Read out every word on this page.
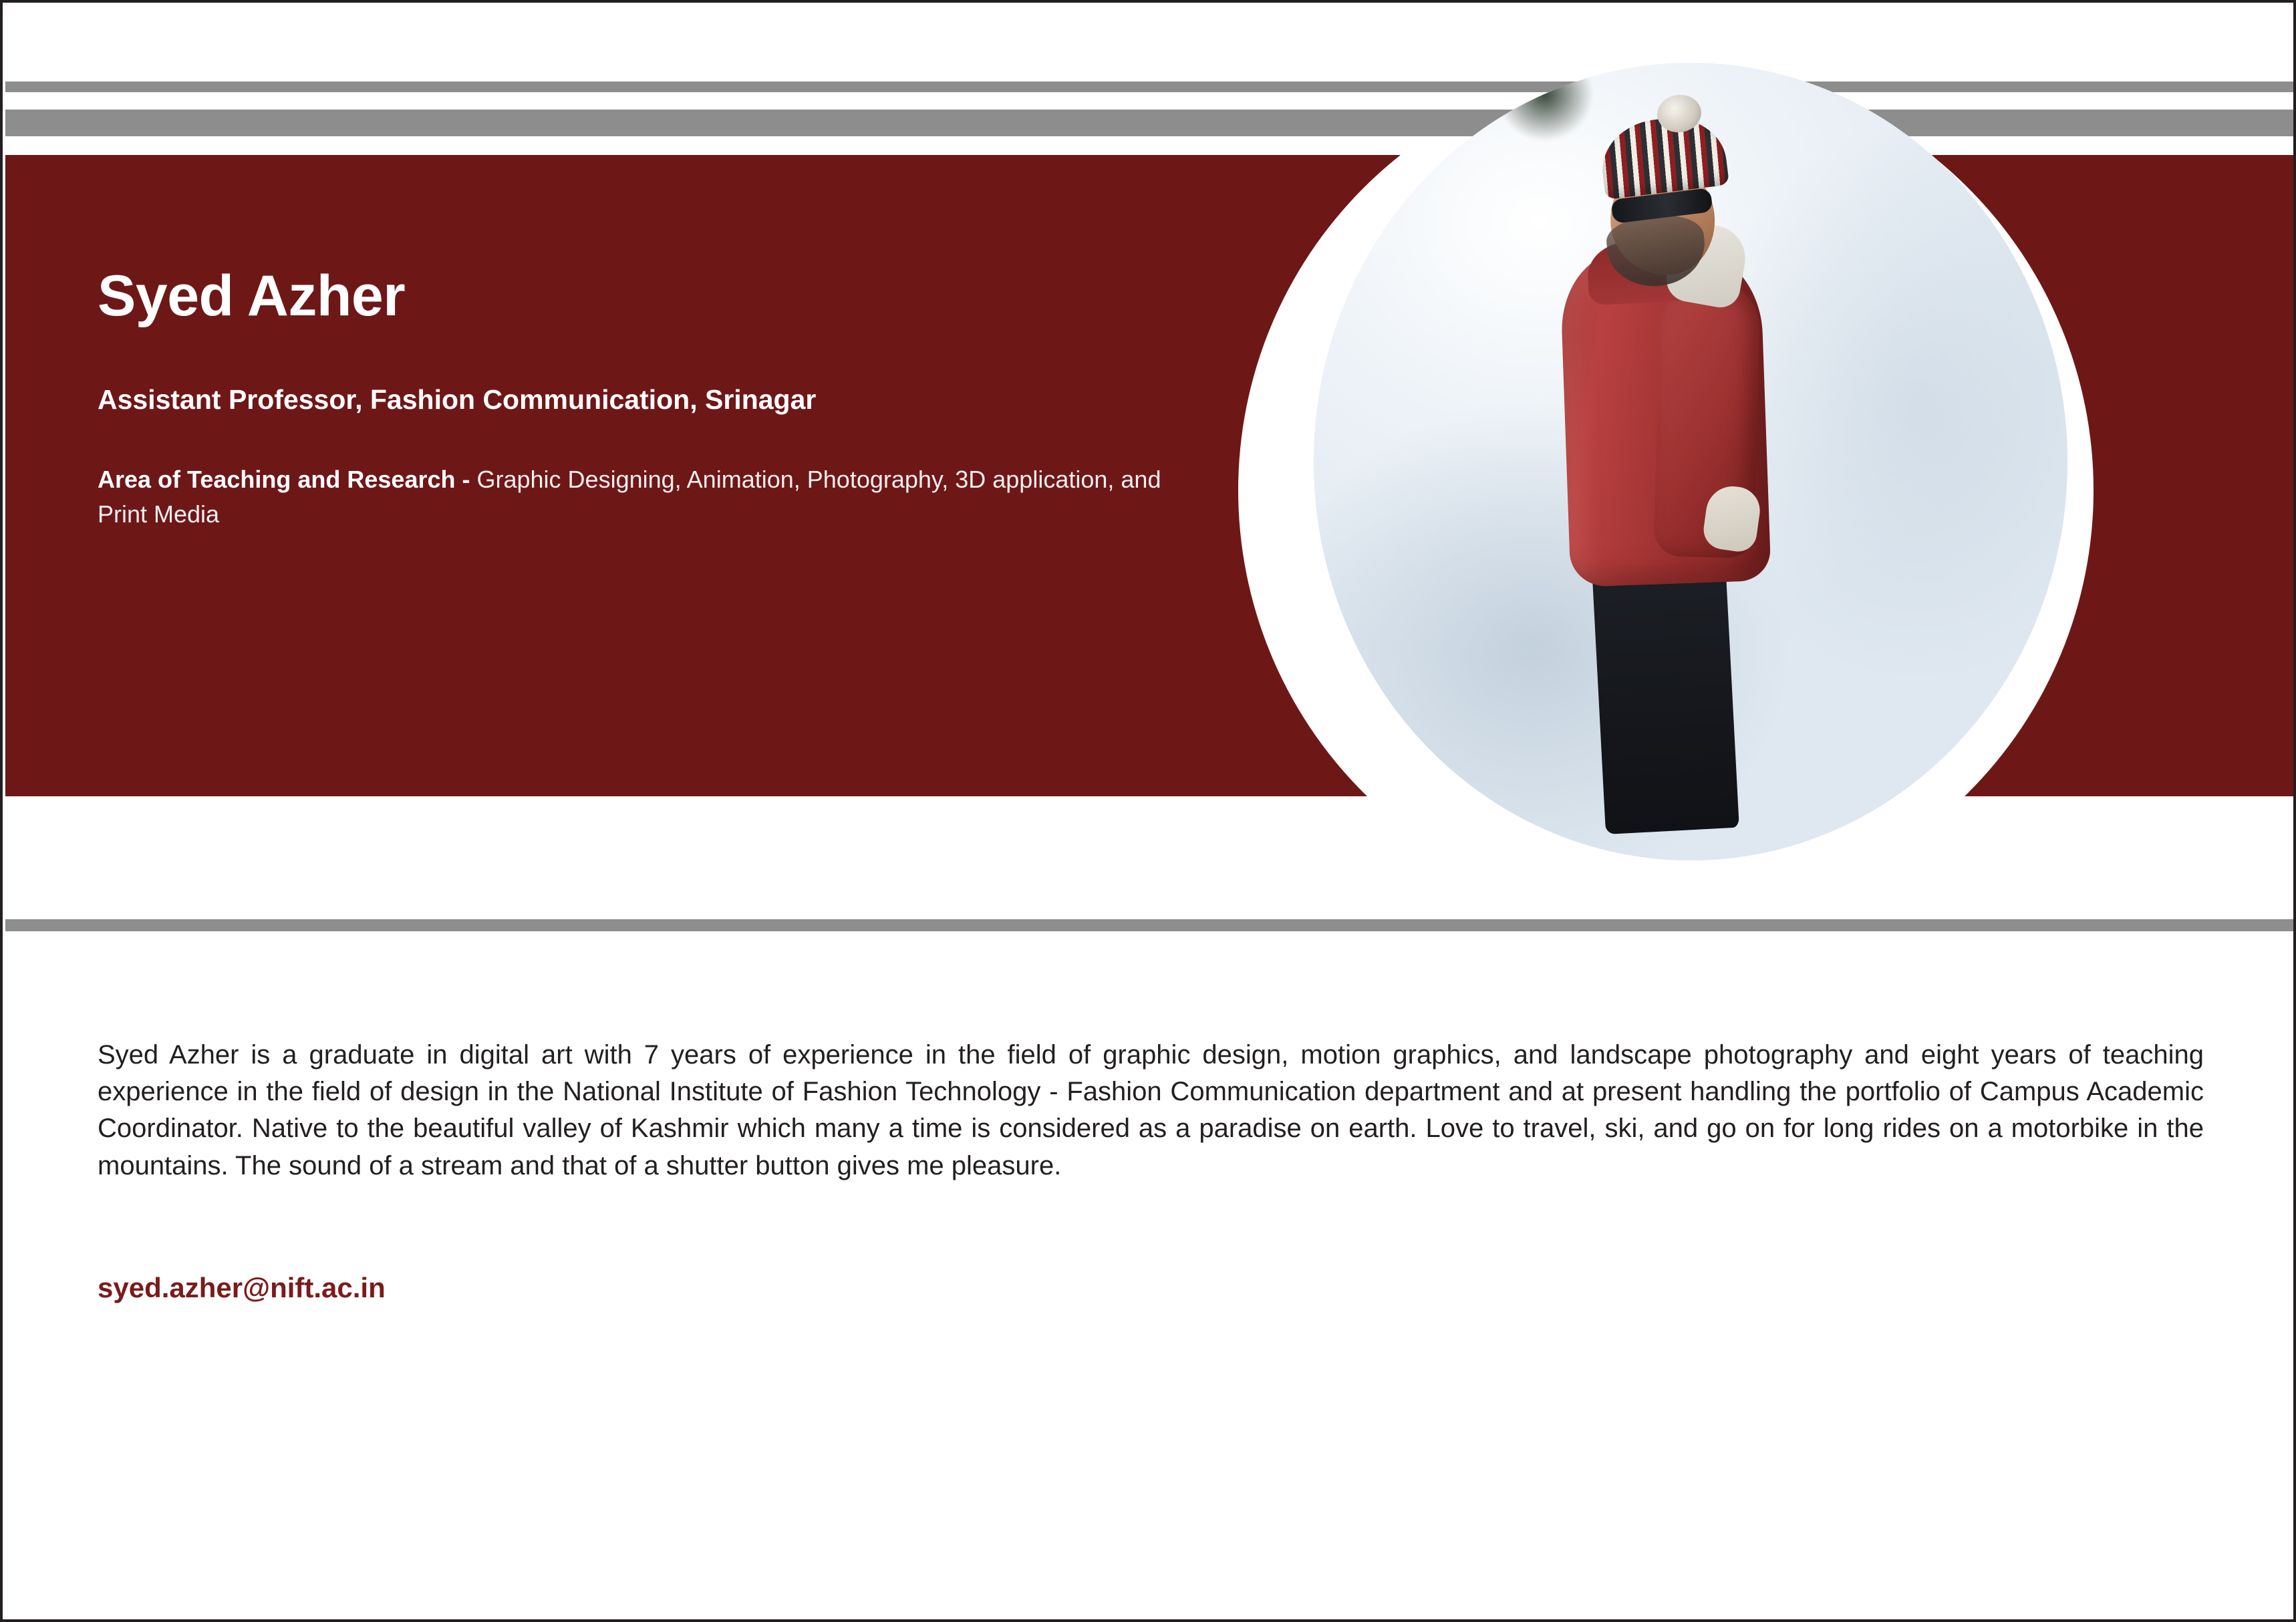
Syed Azher
Assistant Professor, Fashion Communication, Srinagar
Area of Teaching and Research - Graphic Designing, Animation, Photography, 3D application, and Print Media
Syed Azher is a graduate in digital art with 7 years of experience in the field of graphic design, motion graphics, and landscape photography and eight years of teaching experience in the field of design in the National Institute of Fashion Technology - Fashion Communication department and at present handling the portfolio of Campus Academic Coordinator. Native to the beautiful valley of Kashmir which many a time is considered as a paradise on earth. Love to travel, ski, and go on for long rides on a motorbike in the mountains. The sound of a stream and that of a shutter button gives me pleasure.
syed.azher@nift.ac.in
